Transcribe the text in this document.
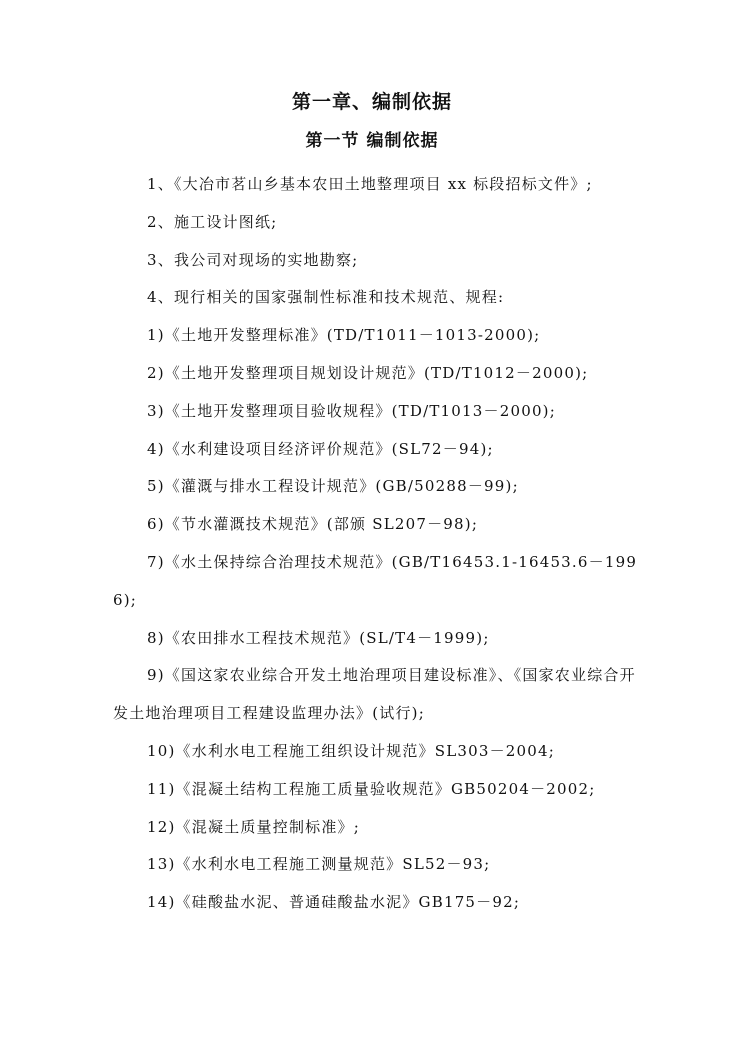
第一章、编制依据
第一节 编制依据

1、《大冶市茗山乡基本农田土地整理项目 xx 标段招标文件》;

2、施工设计图纸;

3、我公司对现场的实地勘察;

4、现行相关的国家强制性标准和技术规范、规程:

1)《土地开发整理标准》(TD/T1011－1013-2000);

2)《土地开发整理项目规划设计规范》(TD/T1012－2000);

3)《土地开发整理项目验收规程》(TD/T1013－2000);

4)《水利建设项目经济评价规范》(SL72－94);

5)《灌溉与排水工程设计规范》(GB/50288－99);

6)《节水灌溉技术规范》(部颁 SL207－98);

7)《水土保持综合治理技术规范》(GB/T16453.1-16453.6－1996);

8)《农田排水工程技术规范》(SL/T4－1999);

9)《国这家农业综合开发土地治理项目建设标准》、《国家农业综合开发土地治理项目工程建设监理办法》(试行);

10)《水利水电工程施工组织设计规范》SL303－2004;

11)《混凝土结构工程施工质量验收规范》GB50204－2002;

12)《混凝土质量控制标准》;

13)《水利水电工程施工测量规范》SL52－93;

14)《硅酸盐水泥、普通硅酸盐水泥》GB175－92;
